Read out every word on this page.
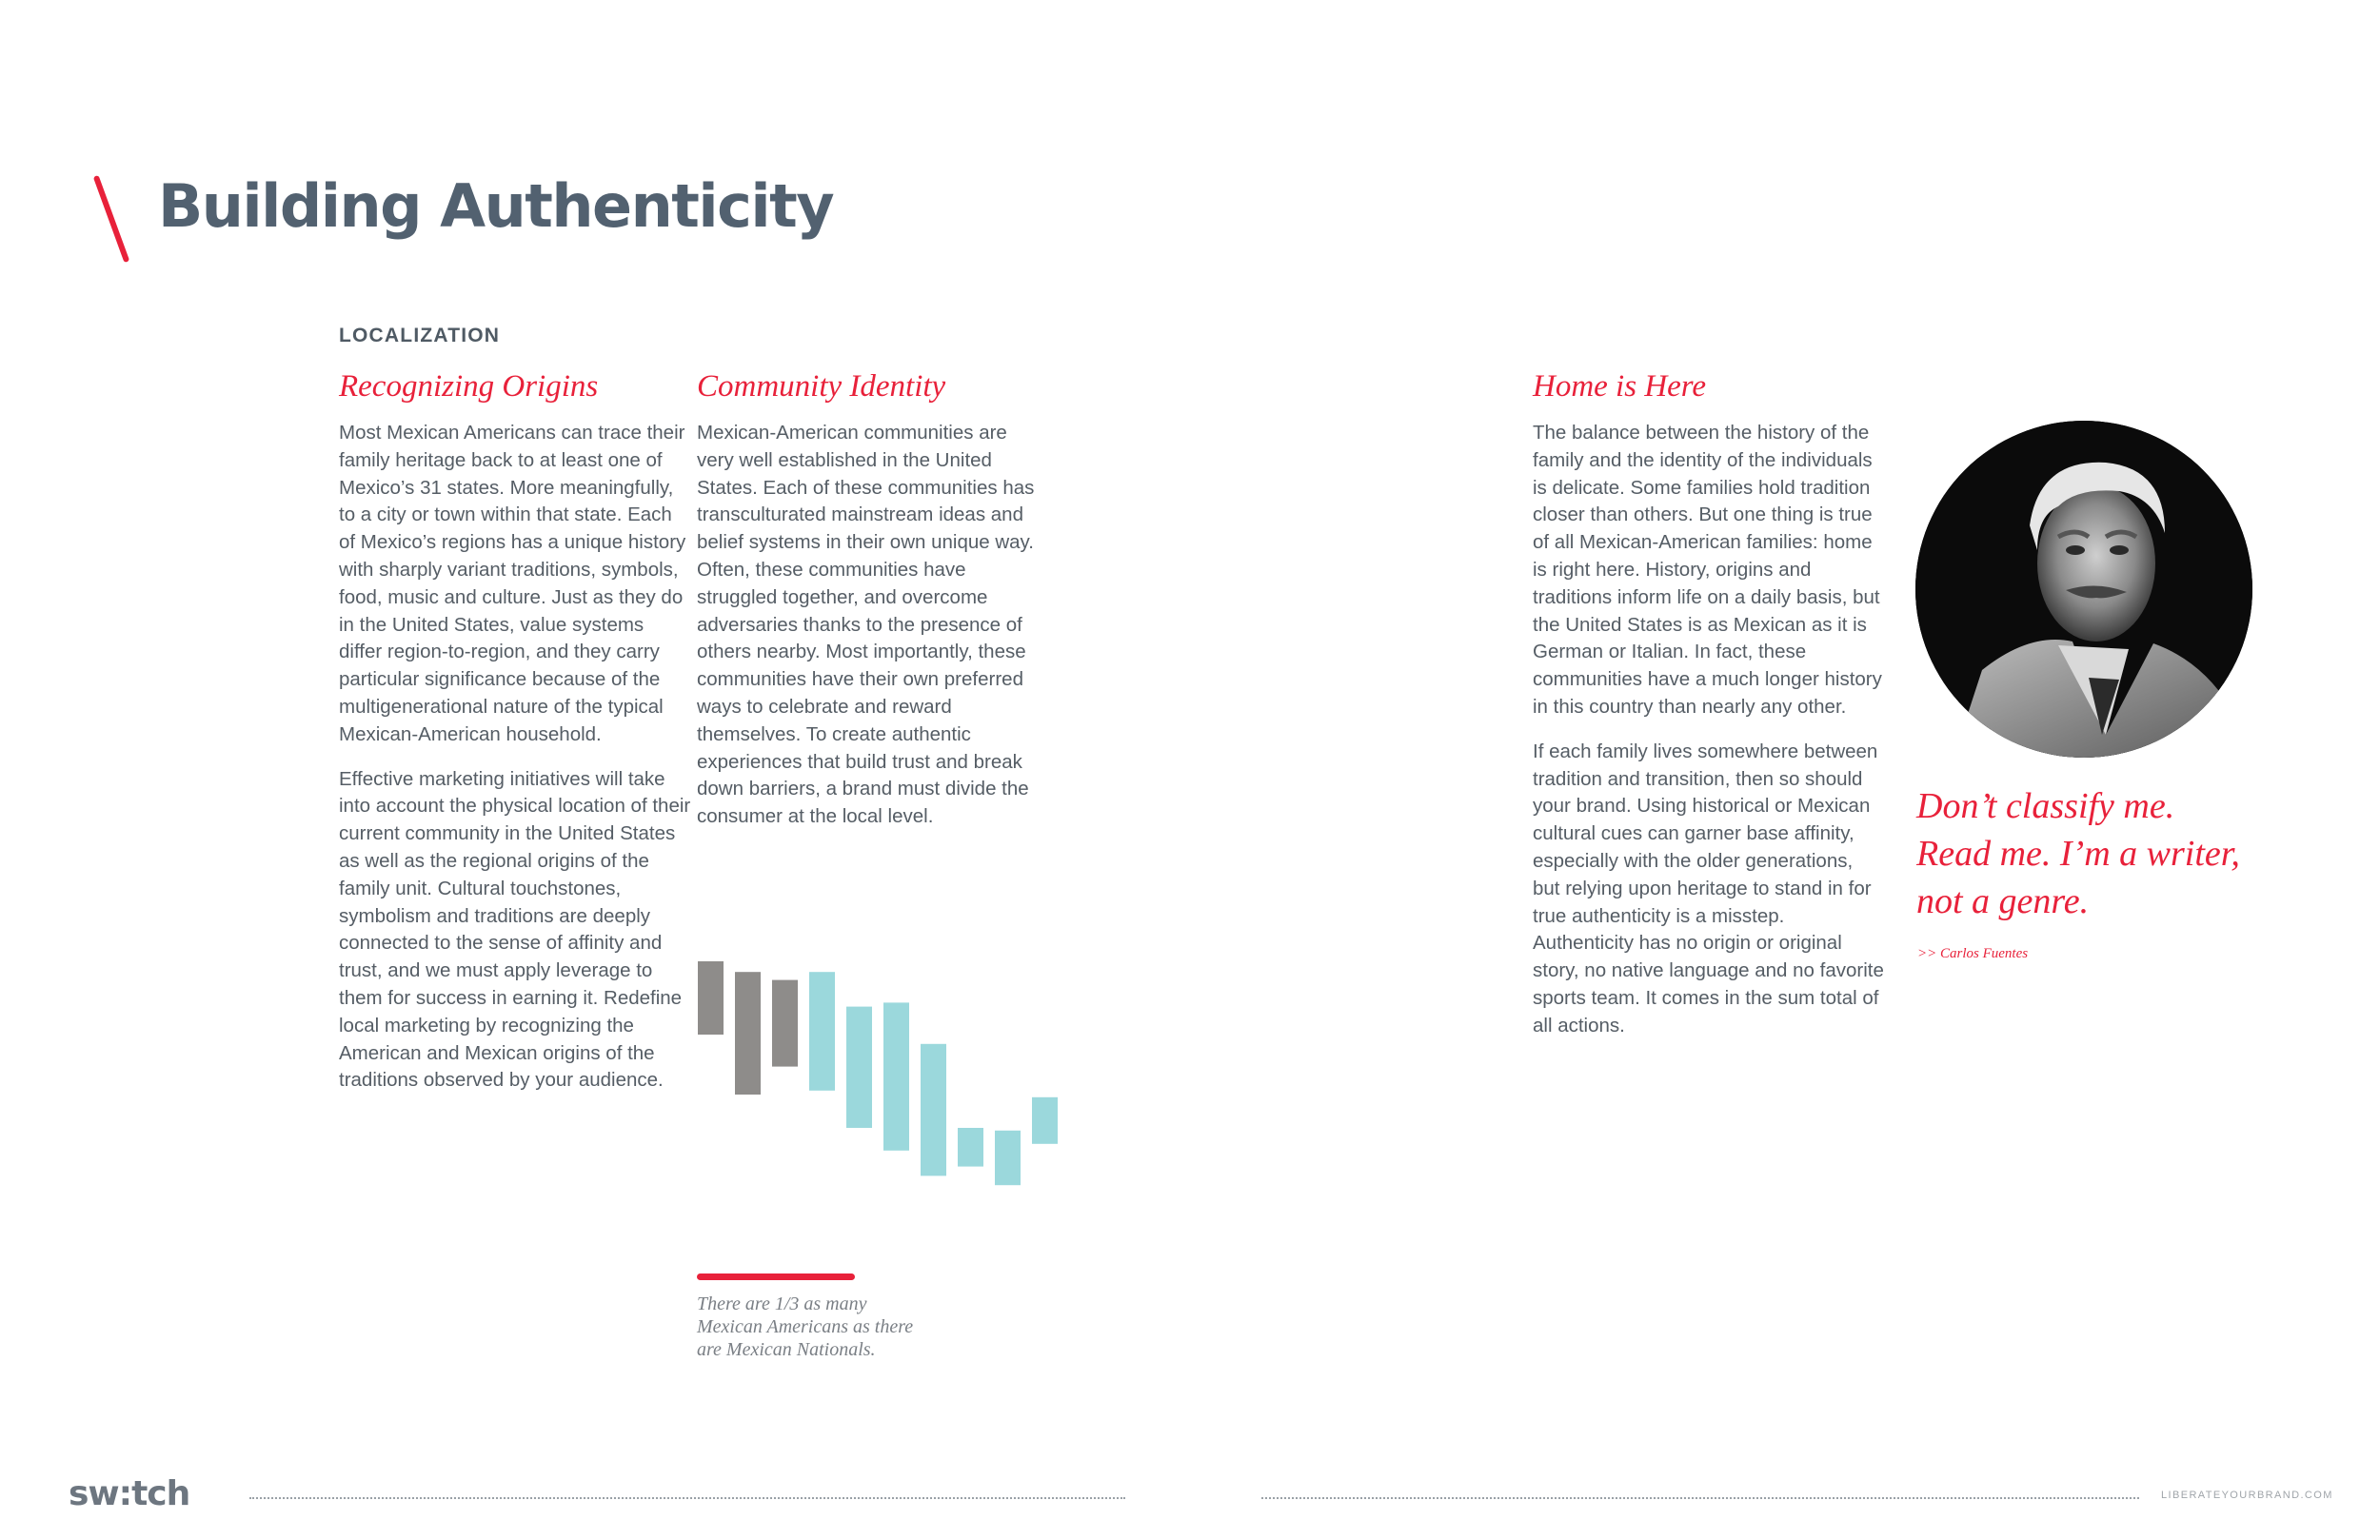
Building Authenticity
LOCALIZATION
Recognizing Origins

Most Mexican Americans can trace their family heritage back to at least one of Mexico’s 31 states. More meaningfully, to a city or town within that state. Each of Mexico’s regions has a unique history with sharply variant traditions, symbols, food, music and culture. Just as they do in the United States, value systems differ region-to-region, and they carry particular significance because of the multigenerational nature of the typical Mexican-American household.

Effective marketing initiatives will take into account the physical location of their current community in the United States as well as the regional origins of the family unit. Cultural touchstones, symbolism and traditions are deeply connected to the sense of affinity and trust, and we must apply leverage to them for success in earning it. Redefine local marketing by recognizing the American and Mexican origins of the traditions observed by your audience.

Community Identity

Mexican-American communities are very well established in the United States. Each of these communities has transculturated mainstream ideas and belief systems in their own unique way. Often, these communities have struggled together, and overcome adversaries thanks to the presence of others nearby. Most importantly, these communities have their own preferred ways to celebrate and reward themselves. To create authentic experiences that build trust and break down barriers, a brand must divide the consumer at the local level.

Home is Here

The balance between the history of the family and the identity of the individuals is delicate. Some families hold tradition closer than others. But one thing is true of all Mexican-American families: home is right here. History, origins and traditions inform life on a daily basis, but the United States is as Mexican as it is German or Italian. In fact, these communities have a much longer history in this country than nearly any other.

If each family lives somewhere between tradition and transition, then so should your brand. Using historical or Mexican cultural cues can garner base affinity, especially with the older generations, but relying upon heritage to stand in for true authenticity is a misstep. Authenticity has no origin or original story, no native language and no favorite sports team. It comes in the sum total of all actions.

There are 1/3 as many
Mexican Americans as there
are Mexican Nationals.

Don’t classify me.
Read me. I’m a writer,
not a genre.

>> Carlos Fuentes
sw:tch	LIBERATEYOURBRAND.COM
